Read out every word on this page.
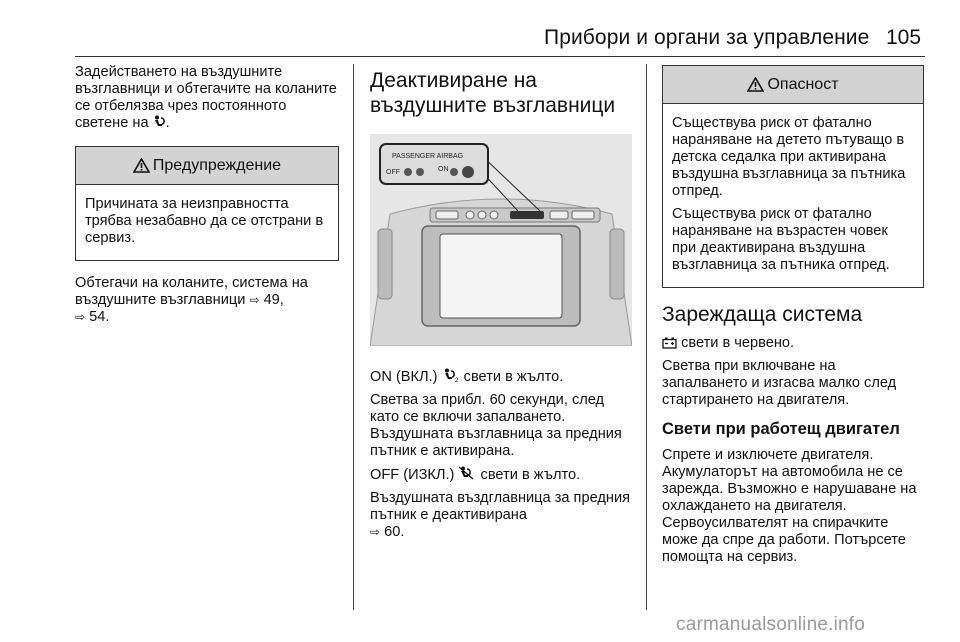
Прибори и органи за управление 105

Задействането на въздушните възглавници и обтегачите на коланите се отбелязва чрез постоянното светене на .

Предупреждение

Причината за неизправността трябва незабавно да се отстрани в сервиз.

Обтегачи на коланите, система на въздушните възглавници ⇨ 49,
⇨ 54.

Деактивиране на въздушните възглавници
PASSENGER AIRBAG
OFF	ON

ON (ВКЛ.)	2 свети в жълто.

Светва за прибл. 60 секунди, след като се включи запалването. Въздушната възглавница за предния пътник е активирана.

OFF (ИЗКЛ.) свети в жълто.

Въздушната въздглавница за предния пътник е деактивирана
⇨ 60.

Опасност

Съществува риск от фатално нараняване на детето пътуващо в детска седалка при активирана въздушна възглавница за пътника отпред.

Съществува риск от фатално нараняване на възрастен човек при деактивирана въздушна възглавница за пътника отпред.

Зареждаща система

свети в червено.

Светва при включване на запалването и изгасва малко след стартирането на двигателя.

Свети при работещ двигател

Спрете и изключете двигателя. Акумулаторът на автомобила не се зарежда. Възможно е нарушаване на охлаждането на двигателя. Сервоусилвателят на спирачките може да спре да работи. Потърсете помощта на сервиз.

carmanualsonline.info
